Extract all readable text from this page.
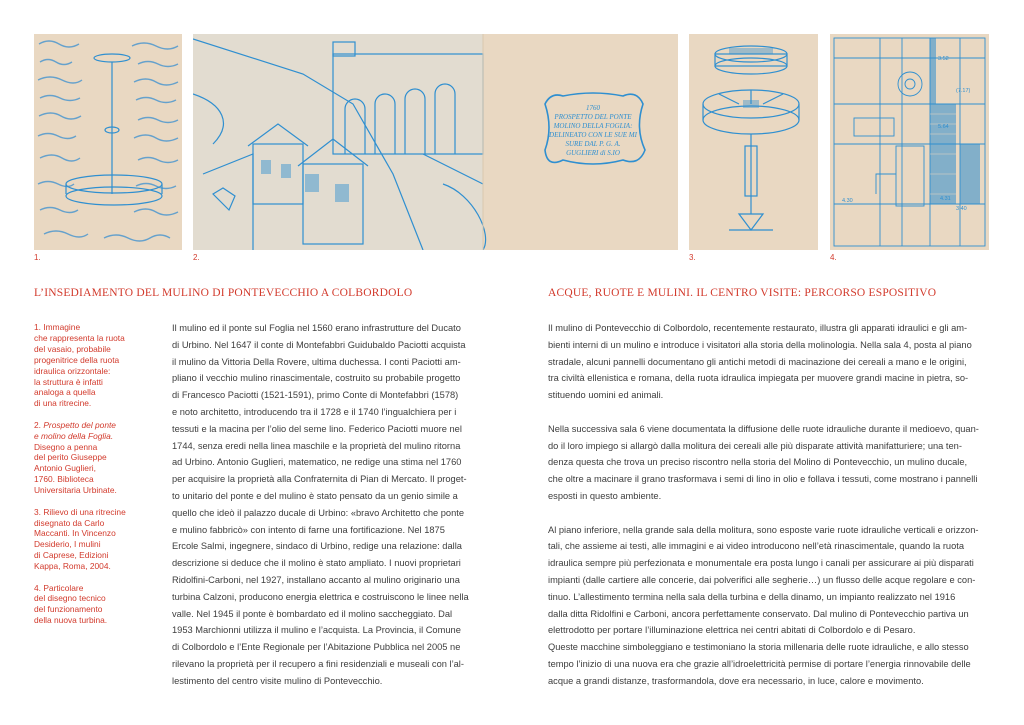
1.
1760
PROSPETTO DEL PONTE
MOLINO DELLA FOGLIA:
DELINEATO CON LE SUE MI
SURE DAL P. G. A.
GUGLIERI di S.IO
2.	3.
3.52
(7.17)
5.64
4.30	4.31
3.40
4.
L’INSEDIAMENTO DEL MULINO DI PONTEVECCHIO A COLBORDOLO	ACQUE, RUOTE E MULINI. IL CENTRO VISITE: PERCORSO ESPOSITIVO
1. Immagine
che rappresenta la ruota
del vasaio, probabile
progenitrice della ruota
idraulica orizzontale:
la struttura è infatti
analoga a quella
di una ritrecine.
2. Prospetto del ponte
e molino della Foglia.
Disegno a penna
del perito Giuseppe
Antonio Guglieri,
1760. Biblioteca
Universitaria Urbinate.
3. Rilievo di una ritrecine
disegnato da Carlo
Maccanti. In Vincenzo
Desiderio, I mulini
di Caprese, Edizioni
Kappa, Roma, 2004.
4. Particolare
del disegno tecnico
del funzionamento
della nuova turbina.
Il mulino ed il ponte sul Foglia nel 1560 erano infrastrutture del Ducato
di Urbino. Nel 1647 il conte di Montefabbri Guidubaldo Paciotti acquista
il mulino da Vittoria Della Rovere, ultima duchessa. I conti Paciotti am-
pliano il vecchio mulino rinascimentale, costruito su probabile progetto
di Francesco Paciotti (1521-1591), primo Conte di Montefabbri (1578)
e noto architetto, introducendo tra il 1728 e il 1740 l’ingualchiera per i
tessuti e la macina per l’olio del seme lino. Federico Paciotti muore nel
1744, senza eredi nella linea maschile e la proprietà del mulino ritorna
ad Urbino. Antonio Guglieri, matematico, ne redige una stima nel 1760
per acquisire la proprietà alla Confraternita di Pian di Mercato. Il proget-
to unitario del ponte e del mulino è stato pensato da un genio simile a
quello che ideò il palazzo ducale di Urbino: «bravo Architetto che ponte
e mulino fabbricò» con intento di farne una fortificazione. Nel 1875
Ercole Salmi, ingegnere, sindaco di Urbino, redige una relazione: dalla
descrizione si deduce che il molino è stato ampliato. I nuovi proprietari
Ridolfini-Carboni, nel 1927, installano accanto al mulino originario una
turbina Calzoni, producono energia elettrica e costruiscono le linee nella
valle. Nel 1945 il ponte è bombardato ed il molino saccheggiato. Dal
1953 Marchionni utilizza il mulino e l’acquista. La Provincia, il Comune
di Colbordolo e l’Ente Regionale per l’Abitazione Pubblica nel 2005 ne
rilevano la proprietà per il recupero a fini residenziali e museali con l’al-
lestimento del centro visite mulino di Pontevecchio.
Il mulino di Pontevecchio di Colbordolo, recentemente restaurato, illustra gli apparati idraulici e gli am-
bienti interni di un mulino e introduce i visitatori alla storia della molinologia. Nella sala 4, posta al piano
stradale, alcuni pannelli documentano gli antichi metodi di macinazione dei cereali a mano e le origini,
tra civiltà ellenistica e romana, della ruota idraulica impiegata per muovere grandi macine in pietra, so-
stituendo uomini ed animali.

Nella successiva sala 6 viene documentata la diffusione delle ruote idrauliche durante il medioevo, quan-
do il loro impiego si allargò dalla molitura dei cereali alle più disparate attività manifatturiere; una ten-
denza questa che trova un preciso riscontro nella storia del Molino di Pontevecchio, un mulino ducale,
che oltre a macinare il grano trasformava i semi di lino in olio e follava i tessuti, come mostrano i pannelli
esposti in questo ambiente.

Al piano inferiore, nella grande sala della molitura, sono esposte varie ruote idrauliche verticali e orizzon-
tali, che assieme ai testi, alle immagini e ai video introducono nell’età rinascimentale, quando la ruota
idraulica sempre più perfezionata e monumentale era posta lungo i canali per assicurare ai più disparati
impianti (dalle cartiere alle concerie, dai polverifici alle segherie…) un flusso delle acque regolare e con-
tinuo. L’allestimento termina nella sala della turbina e della dinamo, un impianto realizzato nel 1916
dalla ditta Ridolfini e Carboni, ancora perfettamente conservato. Dal mulino di Pontevecchio partiva un
elettrodotto per portare l’illuminazione elettrica nei centri abitati di Colbordolo e di Pesaro.
Queste macchine simboleggiano e testimoniano la storia millenaria delle ruote idrauliche, e allo stesso
tempo l’inizio di una nuova era che grazie all’idroelettricità permise di portare l’energia rinnovabile delle
acque a grandi distanze, trasformandola, dove era necessario, in luce, calore e movimento.
